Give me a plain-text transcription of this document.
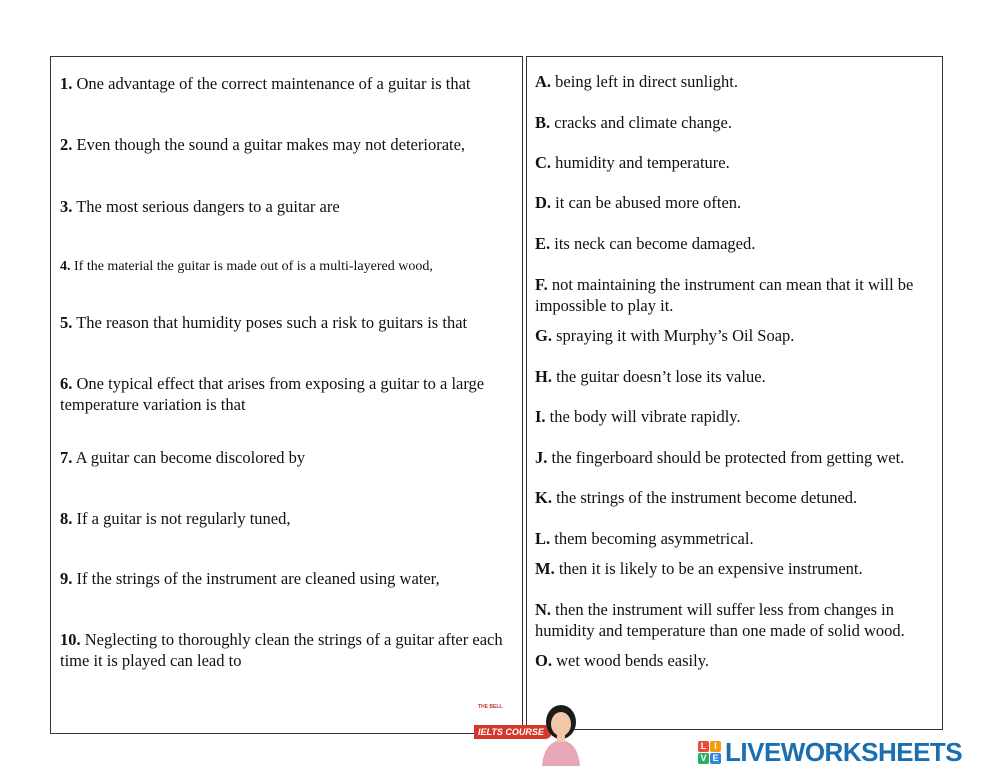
1. One advantage of the correct maintenance of a guitar is that

2. Even though the sound a guitar makes may not deteriorate,

3. The most serious dangers to a guitar are

4. If the material the guitar is made out of is a multi-layered wood,

5. The reason that humidity poses such a risk to guitars is that

6. One typical effect that arises from exposing a guitar to a large temperature variation is that

7. A guitar can become discolored by

8. If a guitar is not regularly tuned,

9. If the strings of the instrument are cleaned using water,

10. Neglecting to thoroughly clean the strings of a guitar after each time it is played can lead to

A. being left in direct sunlight.

B. cracks and climate change.

C. humidity and temperature.

D. it can be abused more often.

E. its neck can become damaged.

F. not maintaining the instrument can mean that it will be impossible to play it.

G. spraying it with Murphy’s Oil Soap.

H. the guitar doesn’t lose its value.

I. the body will vibrate rapidly.

J. the fingerboard should be protected from getting wet.

K. the strings of the instrument become detuned.

L. them becoming asymmetrical.

M. then it is likely to be an expensive instrument.

N. then the instrument will suffer less from changes in humidity and temperature than one made of solid wood.

O. wet wood bends easily.

THE BELL
IELTS COURSE
L I
V E LIVEWORKSHEETS
